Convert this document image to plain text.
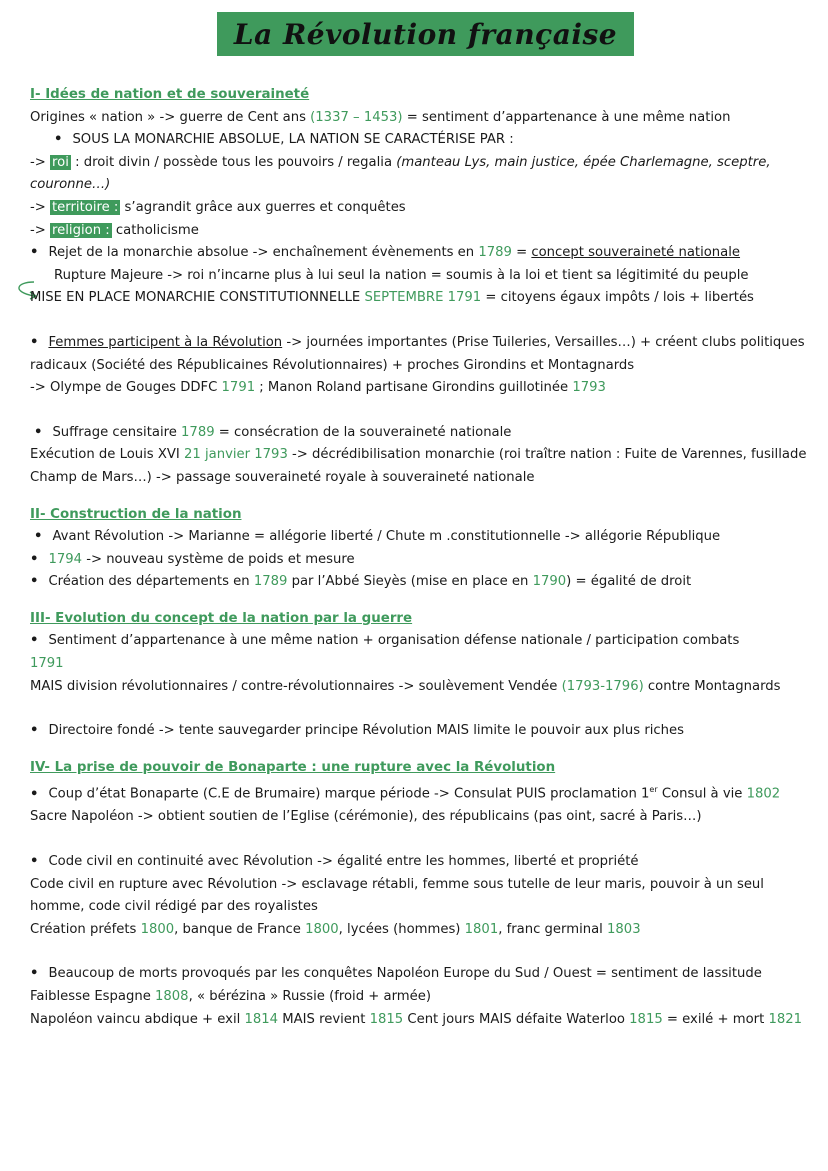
La Révolution française

I- Idées de nation et de souveraineté

Origines « nation » -> guerre de Cent ans (1337 – 1453) = sentiment d’appartenance à une même nation

• SOUS LA MONARCHIE ABSOLUE, LA NATION SE CARACTÉRISE PAR :

-> roi : droit divin / possède tous les pouvoirs / regalia (manteau Lys, main justice, épée Charlemagne, sceptre, couronne…)

-> territoire : s’agrandit grâce aux guerres et conquêtes

-> religion : catholicisme

• Rejet de la monarchie absolue -> enchaînement évènements en 1789 = concept souveraineté nationale

Rupture Majeure -> roi n’incarne plus à lui seul la nation = soumis à la loi et tient sa légitimité du peuple

MISE EN PLACE MONARCHIE CONSTITUTIONNELLE SEPTEMBRE 1791 = citoyens égaux impôts / lois + libertés

• Femmes participent à la Révolution -> journées importantes (Prise Tuileries, Versailles…) + créent clubs politiques radicaux (Société des Républicaines Révolutionnaires) + proches Girondins et Montagnards

-> Olympe de Gouges DDFC 1791 ; Manon Roland partisane Girondins guillotinée 1793

• Suffrage censitaire 1789 = consécration de la souveraineté nationale

Exécution de Louis XVI 21 janvier 1793 -> décrédibilisation monarchie (roi traître nation : Fuite de Varennes, fusillade Champ de Mars…) -> passage souveraineté royale à souveraineté nationale

II- Construction de la nation

• Avant Révolution -> Marianne = allégorie liberté / Chute m .constitutionnelle -> allégorie République

• 1794 -> nouveau système de poids et mesure

• Création des départements en 1789 par l’Abbé Sieyès (mise en place en 1790) = égalité de droit

III- Evolution du concept de la nation par la guerre

• Sentiment d’appartenance à une même nation + organisation défense nationale / participation combats

1791

MAIS division révolutionnaires / contre-révolutionnaires -> soulèvement Vendée (1793-1796) contre Montagnards

• Directoire fondé -> tente sauvegarder principe Révolution MAIS limite le pouvoir aux plus riches

IV- La prise de pouvoir de Bonaparte : une rupture avec la Révolution

• Coup d’état Bonaparte (C.E de Brumaire) marque période -> Consulat PUIS proclamation 1er Consul à vie 1802

Sacre Napoléon -> obtient soutien de l’Eglise (cérémonie), des républicains (pas oint, sacré à Paris…)

• Code civil en continuité avec Révolution -> égalité entre les hommes, liberté et propriété

Code civil en rupture avec Révolution -> esclavage rétabli, femme sous tutelle de leur maris, pouvoir à un seul homme, code civil rédigé par des royalistes

Création préfets 1800, banque de France 1800, lycées (hommes) 1801, franc germinal 1803

• Beaucoup de morts provoqués par les conquêtes Napoléon Europe du Sud / Ouest = sentiment de lassitude

Faiblesse Espagne 1808, « bérézina » Russie (froid + armée)

Napoléon vaincu abdique + exil 1814 MAIS revient 1815 Cent jours MAIS défaite Waterloo 1815 = exilé + mort 1821
